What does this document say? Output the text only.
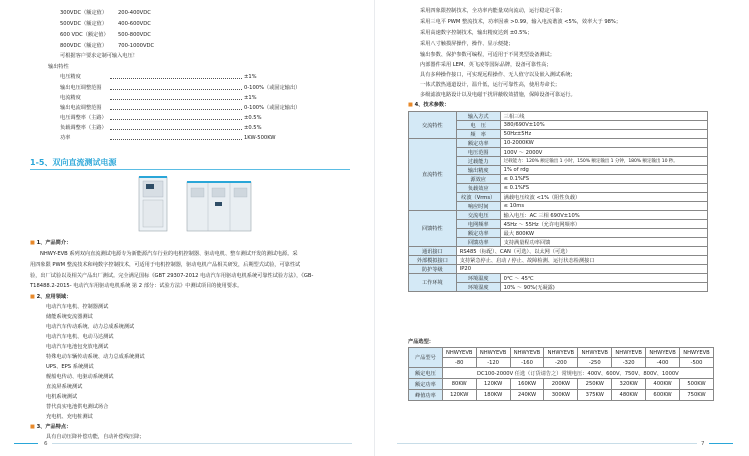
300VDC（额定值） 200-400VDC
500VDC（额定值） 400-600VDC
600 VDC（额定值） 500-800VDC
800VDC（额定值） 700-1000VDC
可根据客户要求定制可输入电压！
输出特性
电压精度	±1%
输出电压调整范围	0-100%（或固定输出）
电流精度	±1%
输出电流调整范围	0-100%（或固定输出）
电压调整率（主路）	±0.5%
负载调整率（主路）	±0.5%
功率	1KW-500KW
1-5、双向直流测试电源
■ 1、产品简介：
NHWY-EVB 系列双向直流测试电源专为新能源汽车行业的电机控制器、驱动电机、整车测试开发的测试电源。采
用四象限 PWM 整流技术和纯数字控制技术，可适用于电机控制器，驱动电机产品相关研发，后期型式试验，可靠性试
验，出厂试验以及相关产品出厂测试。完全满足国标《GBT 29307-2012 电动汽车用驱动电机系统可靠性试验方法》，《GB-
T18488.2-2015- 电动汽车用驱动电机系统 第 2 部分：试验方法》中测试项目的使用要求。
■ 2、应用领域：
电动汽车电机、控制器测试
储能系统变流器测试
电动汽车传动系统、动力总成系统测试
电动汽车电机、电动马达测试
电动汽车电池包充放电测试
特殊电动车辆传动系统、动力总成系统测试
UPS、EPS 系统测试
舰船电传动、电驱动系统测试
直流屏系统测试
电机系统测试
替代真实电池供电测试场合
充电机、充电桩测试
■ 3、产品特点：
具有自动压降补偿功能，自动补偿线压降；
6
采用四象限控制技术，全功率内能量双向流动，运行稳定可靠；
采用三电平 PWM 整流技术，功率因素 >0.99，输入电流谐波 <5%，效率大于 98%；
采用高速数字控制技术，输出精度达到 ±0.5%；
采用八寸触摸屏操作，操作、显示便捷；
输出参数、保护参数可编程，可适用于不同类型设备测试；
内部器件采用 LEM、英飞凌等国际品牌，设备可靠性高；
具有多种操作接口，可实现远程操作、无人值守以及嵌入测试系统；
一体式散热通道设计，温升低，运行可靠性高，使用寿命长；
多级滤波电路设计以及电磁干扰屏蔽收效措施，保障设备可靠运行。
■ 4、技术参数：
交流特性	输入方式	三相三线
	电　压	380/690V±10%
	频　率	50Hz±5Hz
直流特性	额定功率	10-2000KW
	电压范围	100V ～ 2000V
	过载能力	过载能力：120% 额定输出 1 小时，150% 额定输出 1 分钟，180% 额定输出 10 秒。
	输出精度	1% of rdg
	源效应	≤ 0.1%FS
	负载效应	≤ 0.1%FS
	纹波（Vrms）	满载电压纹波 <1%（阻性负载）
	响应时间	≤ 10ms
回馈特性	交流电压	输入电压：AC 三相 690V±10%
	电网频率	45Hz ～ 55Hz（允许电网频率）
	额定功率	最大 800KW
	回馈功率	支持满量程功率回馈
通讯接口	RS485（标配）、CAN（可选）、以太网（可选）	
外部模拟接口	支持紧急停止、启动 / 停止、故障检测、运行状态检测接口	
防护等级	IP20	
工作环境	环境温度	0℃ ～ 45℃
	环境湿度	10% ～ 90%(无凝露)
产品选型：
产品型号	NHWYEVB	NHWYEVB	NHWYEVB	NHWYEVB	NHWYEVB	NHWYEVB	NHWYEVB	NHWYEVB
	-80	-120	-160	-200	-250	-320	-400	-500
额定电压	DC100-2000V 任选（订货请告之）常规电压：400V、600V、750V、800V、1000V							
额定功率	80KW	120KW	160KW	200KW	250KW	320KW	400KW	500KW
峰值功率	120KW	180KW	240KW	300KW	375KW	480KW	600KW	750KW
7
